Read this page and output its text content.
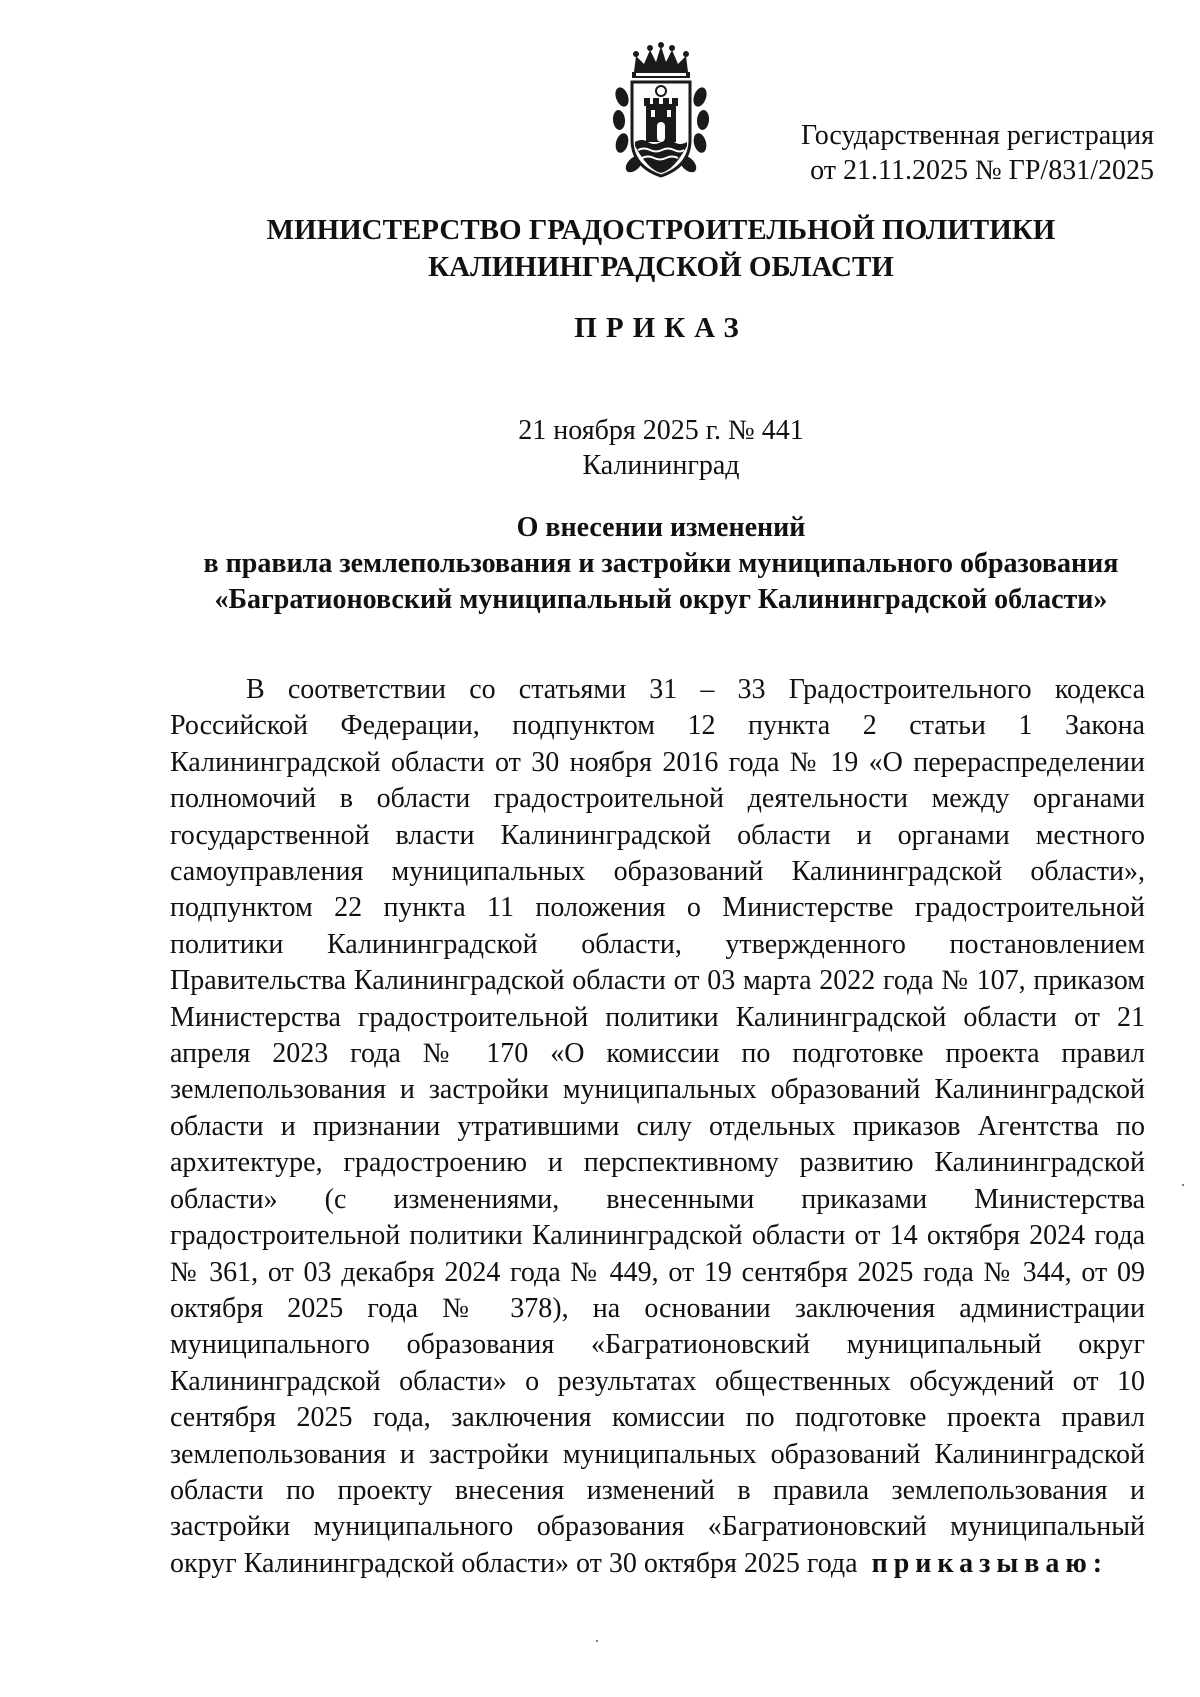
Государственная регистрация
от 21.11.2025 № ГР/831/2025
МИНИСТЕРСТВО ГРАДОСТРОИТЕЛЬНОЙ ПОЛИТИКИ
КАЛИНИНГРАДСКОЙ ОБЛАСТИ
ПРИКАЗ
21 ноября 2025 г. № 441
Калининград
О внесении изменений
в правила землепользования и застройки муниципального образования
«Багратионовский муниципальный округ Калининградской области»

В соответствии со статьями 31 – 33 Градостроительного кодекса Российской Федерации, подпунктом 12 пункта 2 статьи 1 Закона Калининградской области от 30 ноября 2016 года № 19 «О перераспределении полномочий в области градостроительной деятельности между органами государственной власти Калининградской области и органами местного самоуправления муниципальных образований Калининградской области», подпунктом 22 пункта 11 положения о Министерстве градостроительной политики Калининградской области, утвержденного постановлением Правительства Калининградской области от 03 марта 2022 года № 107, приказом Министерства градостроительной политики Калининградской области от 21 апреля 2023 года № 170 «О комиссии по подготовке проекта правил землепользования и застройки муниципальных образований Калининградской области и признании утратившими силу отдельных приказов Агентства по архитектуре, градостроению и перспективному развитию Калининградской области» (с изменениями, внесенными приказами Министерства градостроительной политики Калининградской области от 14 октября 2024 года № 361, от 03 декабря 2024 года № 449, от 19 сентября 2025 года № 344, от 09 октября 2025 года № 378), на основании заключения администрации муниципального образования «Багратионовский муниципальный округ Калининградской области» о результатах общественных обсуждений от 10 сентября 2025 года, заключения комиссии по подготовке проекта правил землепользования и застройки муниципальных образований Калининградской области по проекту внесения изменений в правила землепользования и застройки муниципального образования «Багратионовский муниципальный округ Калининградской области» от 30 октября 2025 года приказываю:
